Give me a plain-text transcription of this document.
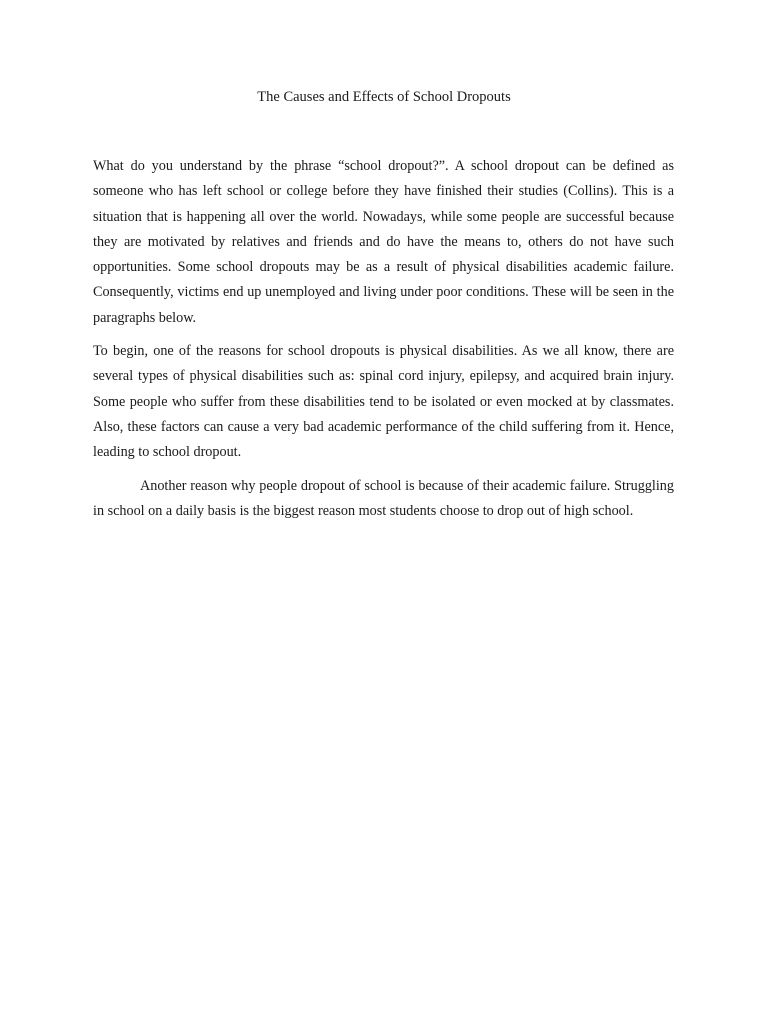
The Causes and Effects of School Dropouts

What do you understand by the phrase “school dropout?”. A school dropout can be defined as someone who has left school or college before they have finished their studies (Collins). This is a situation that is happening all over the world. Nowadays, while some people are successful because they are motivated by relatives and friends and do have the means to, others do not have such opportunities. Some school dropouts may be as a result of physical disabilities academic failure. Consequently, victims end up unemployed and living under poor conditions. These will be seen in the paragraphs below.

To begin, one of the reasons for school dropouts is physical disabilities. As we all know, there are several types of physical disabilities such as: spinal cord injury, epilepsy, and acquired brain injury. Some people who suffer from these disabilities tend to be isolated or even mocked at by classmates. Also, these factors can cause a very bad academic performance of the child suffering from it. Hence, leading to school dropout.

Another reason why people dropout of school is because of their academic failure. Struggling in school on a daily basis is the biggest reason most students choose to drop out of high school.
